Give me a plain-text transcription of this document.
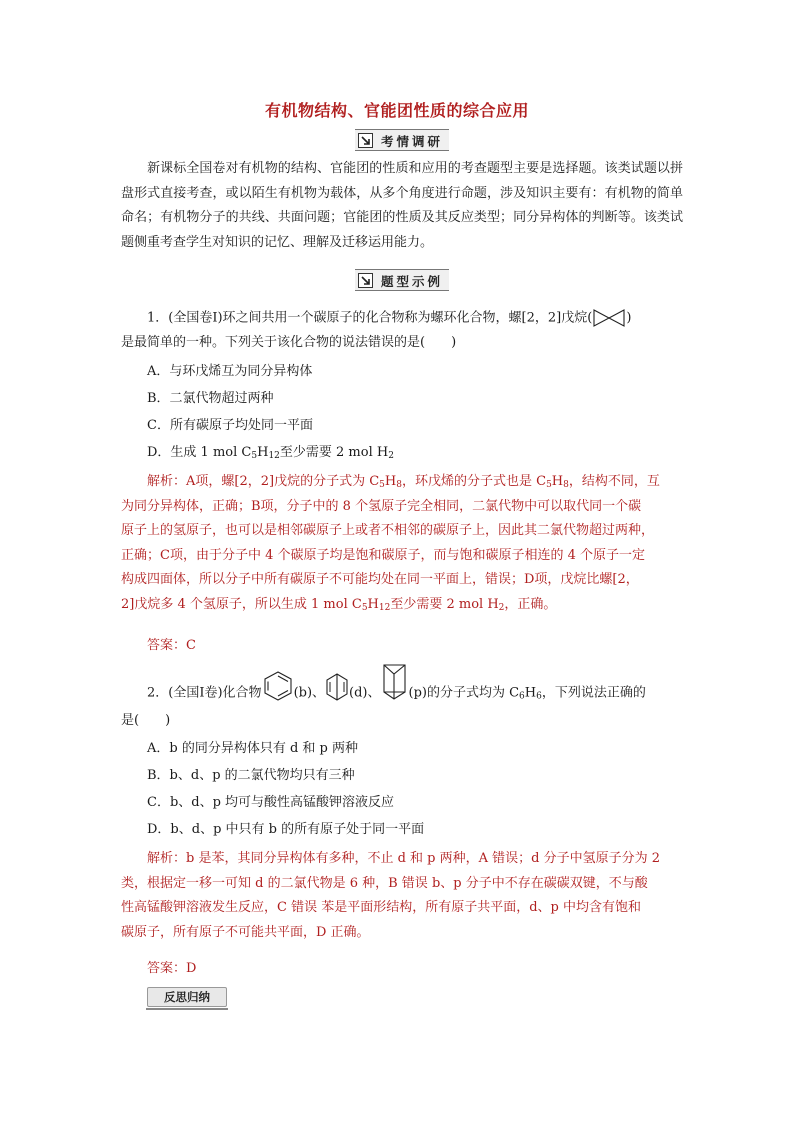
有机物结构、官能团性质的综合应用
考情调研
新课标全国卷对有机物的结构、官能团的性质和应用的考查题型主要是选择题。该类试题以拼盘形式直接考查，或以陌生有机物为载体，从多个角度进行命题，涉及知识主要有：有机物的简单命名；有机物分子的共线、共面问题；官能团的性质及其反应类型；同分异构体的判断等。该类试题侧重考查学生对知识的记忆、理解及迁移运用能力。
题型示例
1．(全国卷Ⅰ)环之间共用一个碳原子的化合物称为螺环化合物，螺[2，2]戊烷(	)
是最简单的一种。下列关于该化合物的说法错误的是(　　)
A．与环戊烯互为同分异构体
B．二氯代物超过两种
C．所有碳原子均处同一平面
D．生成 1 mol $C_5H_{12}$至少需要 2 mol $H_2$
解析：A项，螺[2，2]戊烷的分子式为 $C_5H_8$，环戊烯的分子式也是 $C_5H_8$，结构不同，互
为同分异构体，正确；B项，分子中的 8 个氢原子完全相同，二氯代物中可以取代同一个碳
原子上的氢原子，也可以是相邻碳原子上或者不相邻的碳原子上，因此其二氯代物超过两种，
正确；C项，由于分子中 4 个碳原子均是饱和碳原子，而与饱和碳原子相连的 4 个原子一定
构成四面体，所以分子中所有碳原子不可能均处在同一平面上，错误；D项，戊烷比螺[2，
2]戊烷多 4 个氢原子，所以生成 1 mol $C_5H_{12}$至少需要 2 mol $H_2$，正确。
答案：C
2．(全国Ⅰ卷)化合物 (b)、 (d)、 (p)的分子式均为 $C_6H_6$，下列说法正确的
是(　　)
A．b 的同分异构体只有 d 和 p 两种
B．b、d、p 的二氯代物均只有三种
C．b、d、p 均可与酸性高锰酸钾溶液反应
D．b、d、p 中只有 b 的所有原子处于同一平面
解析：b 是苯，其同分异构体有多种，不止 d 和 p 两种，A 错误；d 分子中氢原子分为 2
类，根据定一移一可知 d 的二氯代物是 6 种，B 错误 b、p 分子中不存在碳碳双键，不与酸
性高锰酸钾溶液发生反应，C 错误 苯是平面形结构，所有原子共平面，d、p 中均含有饱和
碳原子，所有原子不可能共平面，D 正确。
答案：D
反思归纳
